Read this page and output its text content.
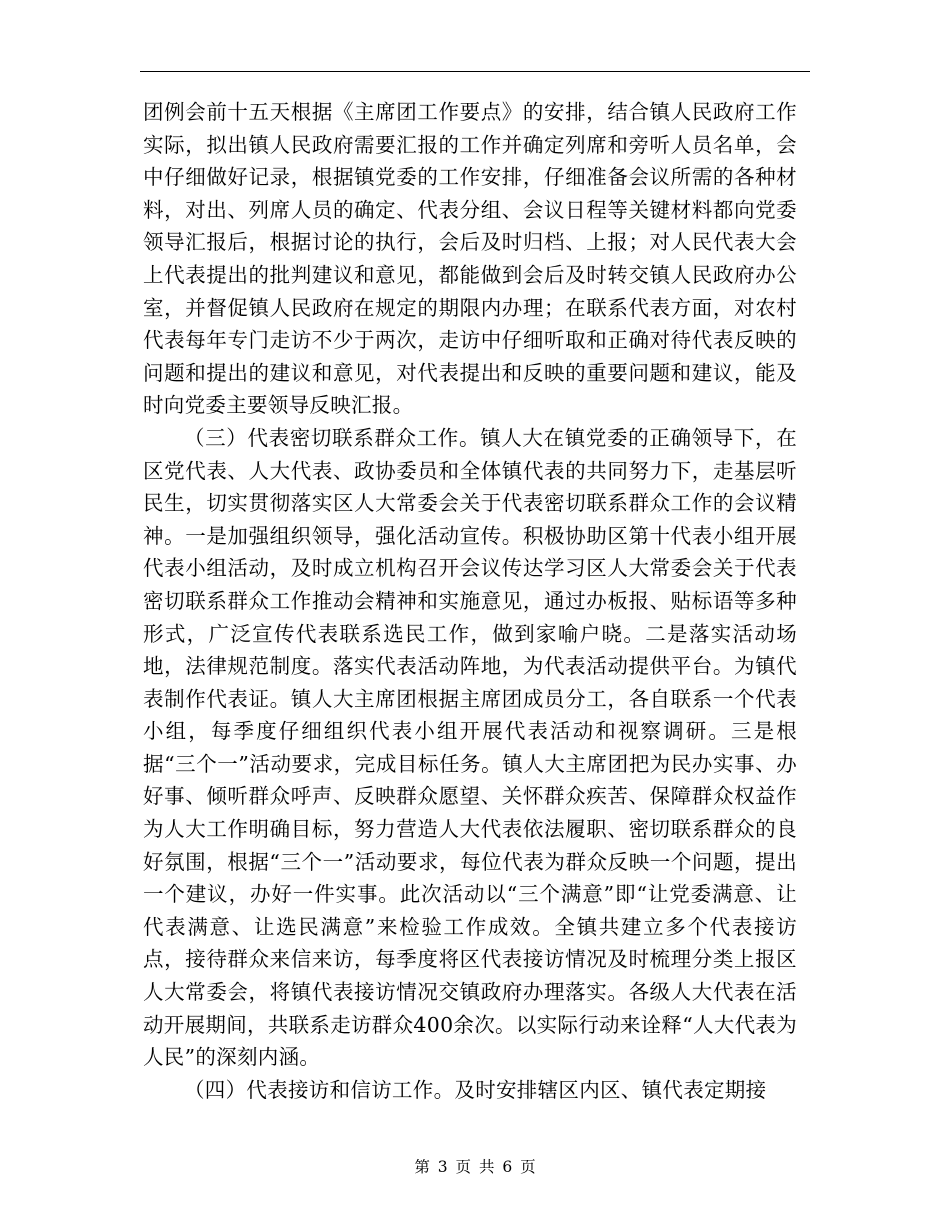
团例会前十五天根据《主席团工作要点》的安排，结合镇人民政府工作实际，拟出镇人民政府需要汇报的工作并确定列席和旁听人员名单，会中仔细做好记录，根据镇党委的工作安排，仔细准备会议所需的各种材料，对出、列席人员的确定、代表分组、会议日程等关键材料都向党委领导汇报后，根据讨论的执行，会后及时归档、上报；对人民代表大会上代表提出的批判建议和意见，都能做到会后及时转交镇人民政府办公室，并督促镇人民政府在规定的期限内办理；在联系代表方面，对农村代表每年专门走访不少于两次，走访中仔细听取和正确对待代表反映的问题和提出的建议和意见，对代表提出和反映的重要问题和建议，能及时向党委主要领导反映汇报。

（三）代表密切联系群众工作。镇人大在镇党委的正确领导下，在区党代表、人大代表、政协委员和全体镇代表的共同努力下，走基层听民生，切实贯彻落实区人大常委会关于代表密切联系群众工作的会议精神。一是加强组织领导，强化活动宣传。积极协助区第十代表小组开展代表小组活动，及时成立机构召开会议传达学习区人大常委会关于代表密切联系群众工作推动会精神和实施意见，通过办板报、贴标语等多种形式，广泛宣传代表联系选民工作，做到家喻户晓。二是落实活动场地，法律规范制度。落实代表活动阵地，为代表活动提供平台。为镇代表制作代表证。镇人大主席团根据主席团成员分工，各自联系一个代表小组，每季度仔细组织代表小组开展代表活动和视察调研。三是根据“三个一”活动要求，完成目标任务。镇人大主席团把为民办实事、办好事、倾听群众呼声、反映群众愿望、关怀群众疾苦、保障群众权益作为人大工作明确目标，努力营造人大代表依法履职、密切联系群众的良好氛围，根据“三个一”活动要求，每位代表为群众反映一个问题，提出一个建议，办好一件实事。此次活动以“三个满意”即“让党委满意、让代表满意、让选民满意”来检验工作成效。全镇共建立多个代表接访点，接待群众来信来访，每季度将区代表接访情况及时梳理分类上报区人大常委会，将镇代表接访情况交镇政府办理落实。各级人大代表在活动开展期间，共联系走访群众400余次。以实际行动来诠释“人大代表为人民”的深刻内涵。

（四）代表接访和信访工作。及时安排辖区内区、镇代表定期接

第 3 页 共 6 页
